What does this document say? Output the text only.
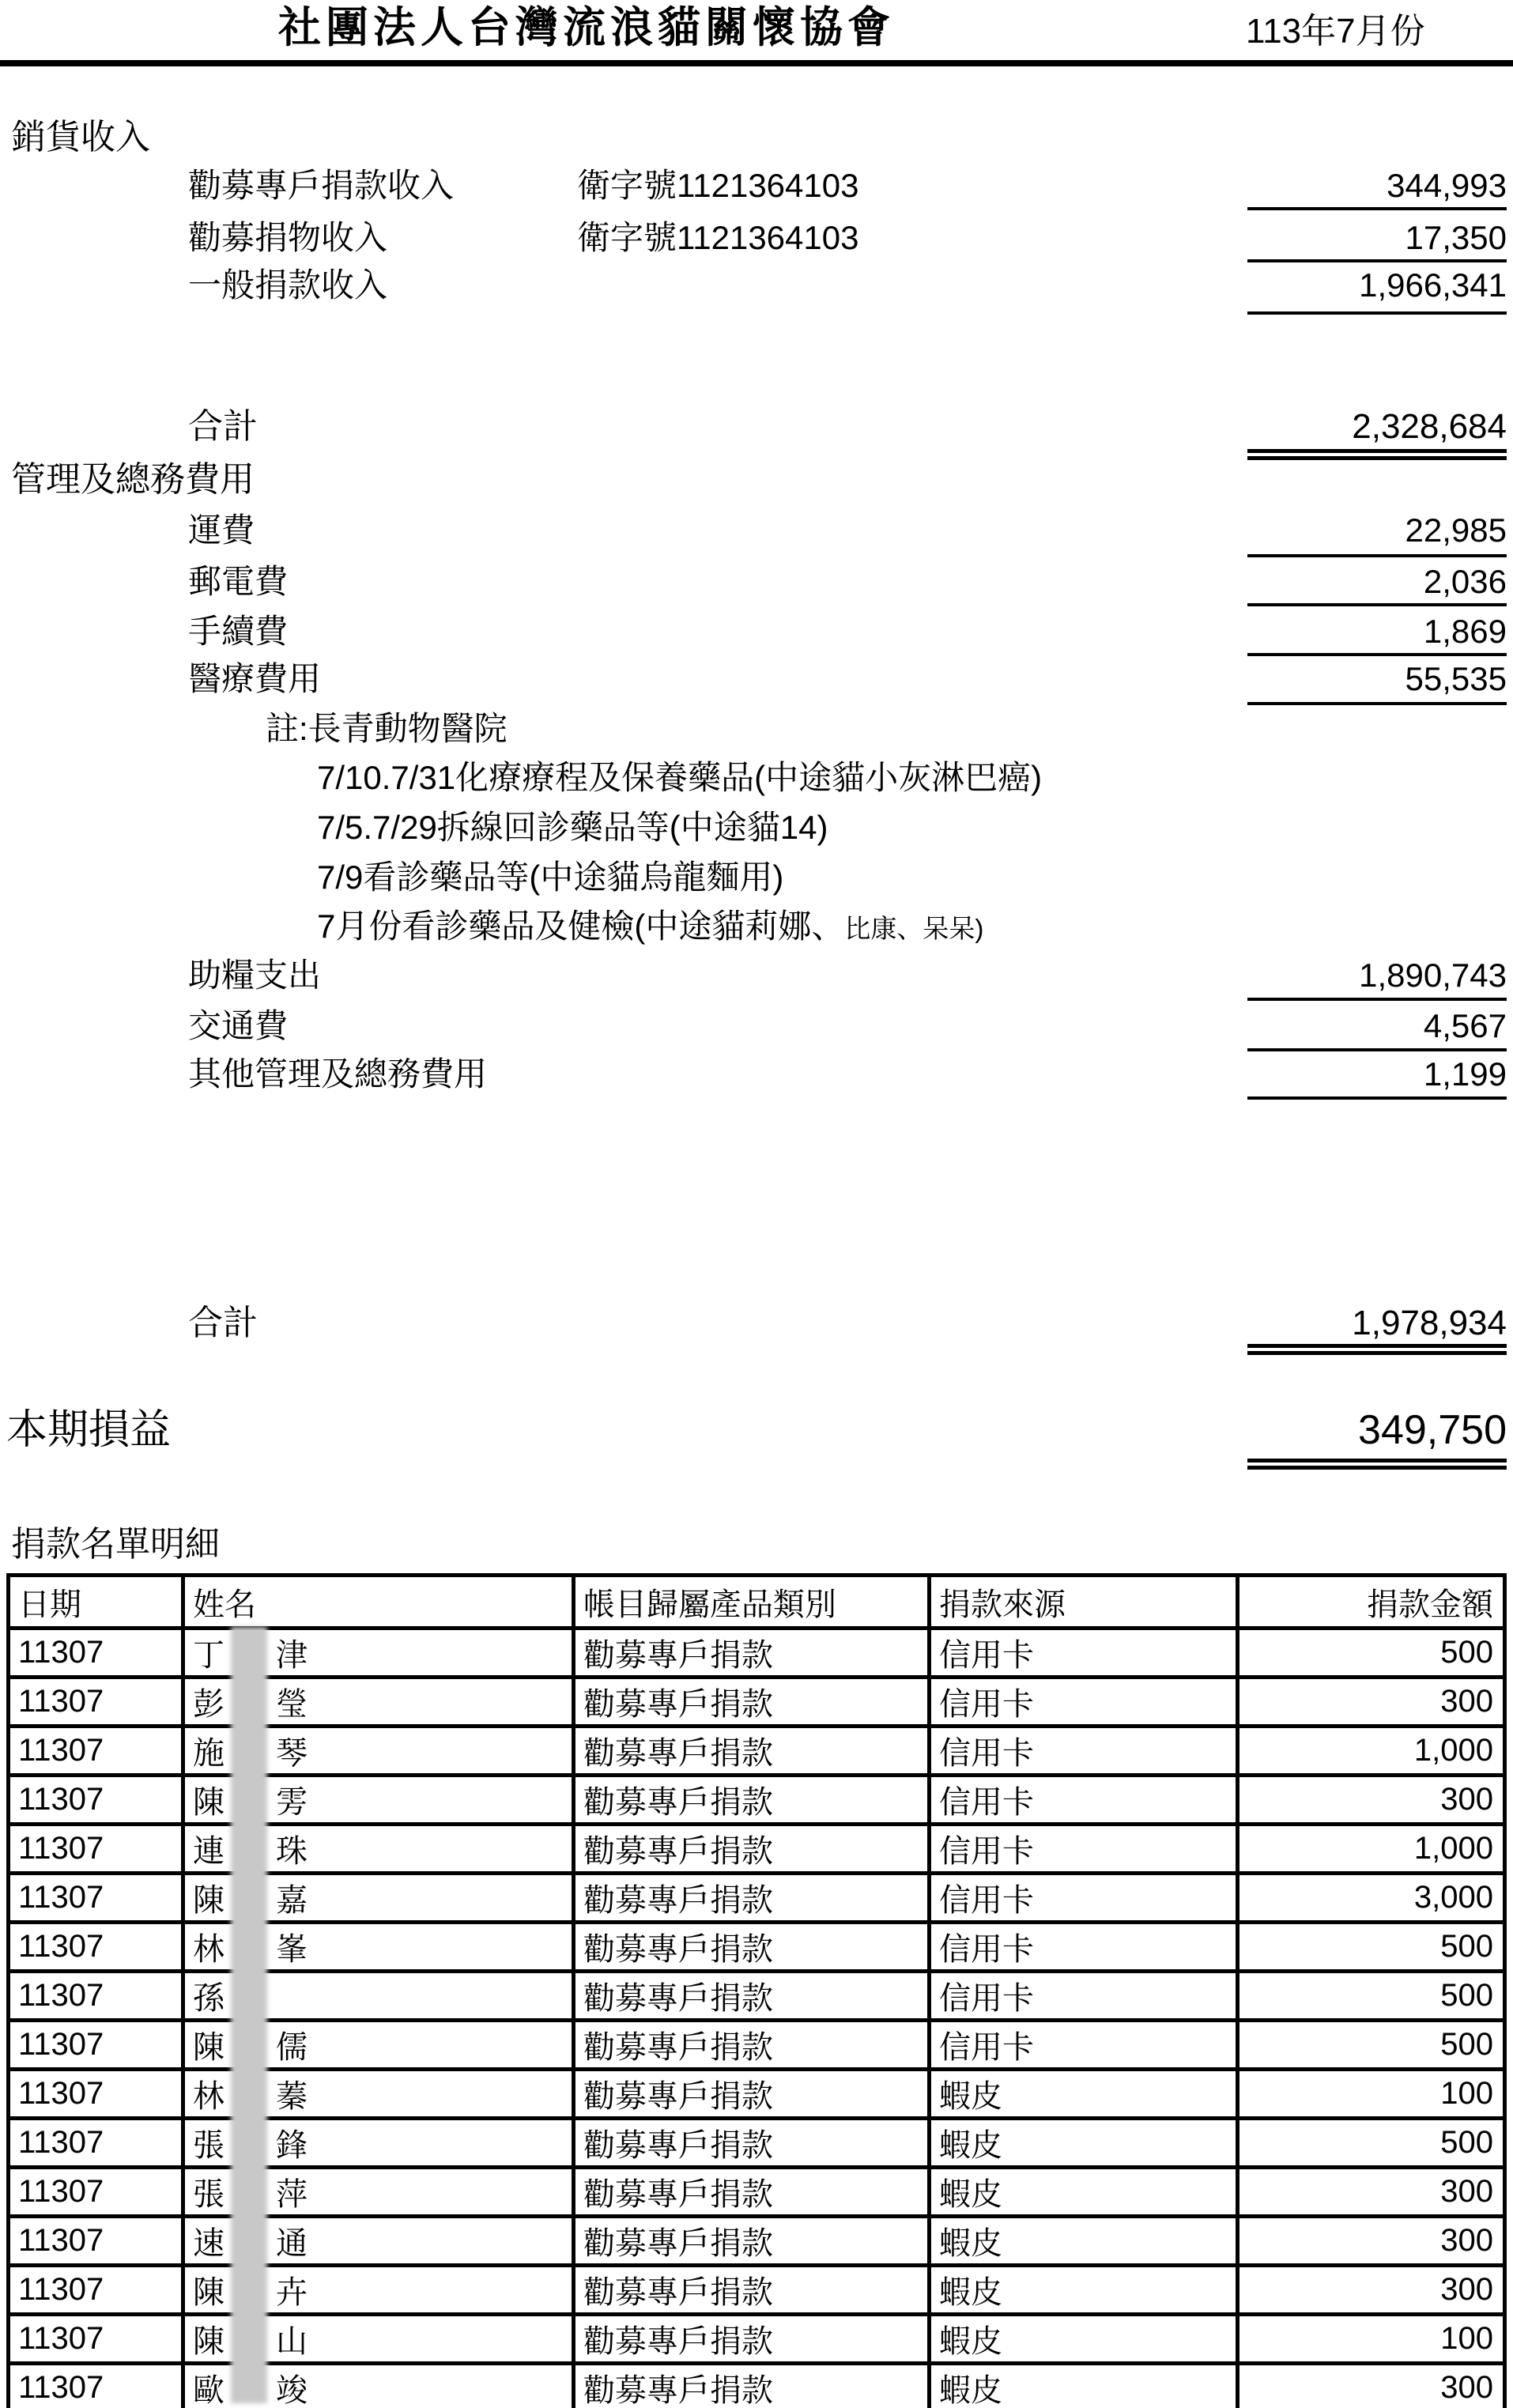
社團法人台灣流浪貓關懷協會	113年7月份
銷貨收入
勸募專戶捐款收入	衛字號1121364103	344,993
勸募捐物收入	衛字號1121364103	17,350
一般捐款收入	1,966,341
合計	2,328,684
管理及總務費用
運費	22,985
郵電費	2,036
手續費	1,869
醫療費用	55,535
註:長青動物醫院
7/10.7/31化療療程及保養藥品(中途貓小灰淋巴癌)
7/5.7/29拆線回診藥品等(中途貓14)
7/9看診藥品等(中途貓烏龍麵用)
7月份看診藥品及健檢(中途貓莉娜、比康、呆呆)
助糧支出	1,890,743
交通費	4,567
其他管理及總務費用	1,199
合計	1,978,934
本期損益	349,750
捐款名單明細
日期	姓名	帳目歸屬產品類別	捐款來源	捐款金額
11307	丁 津	勸募專戶捐款	信用卡	500
11307	彭 瑩	勸募專戶捐款	信用卡	300
11307	施 琴	勸募專戶捐款	信用卡	1,000
11307	陳 雱	勸募專戶捐款	信用卡	300
11307	連 珠	勸募專戶捐款	信用卡	1,000
11307	陳 嘉	勸募專戶捐款	信用卡	3,000
11307	林 峯	勸募專戶捐款	信用卡	500
11307	孫	勸募專戶捐款	信用卡	500
11307	陳 儒	勸募專戶捐款	信用卡	500
11307	林 蓁	勸募專戶捐款	蝦皮	100
11307	張 鋒	勸募專戶捐款	蝦皮	500
11307	張 萍	勸募專戶捐款	蝦皮	300
11307	速 通	勸募專戶捐款	蝦皮	300
11307	陳 卉	勸募專戶捐款	蝦皮	300
11307	陳 山	勸募專戶捐款	蝦皮	100
11307	歐 竣	勸募專戶捐款	蝦皮	300
